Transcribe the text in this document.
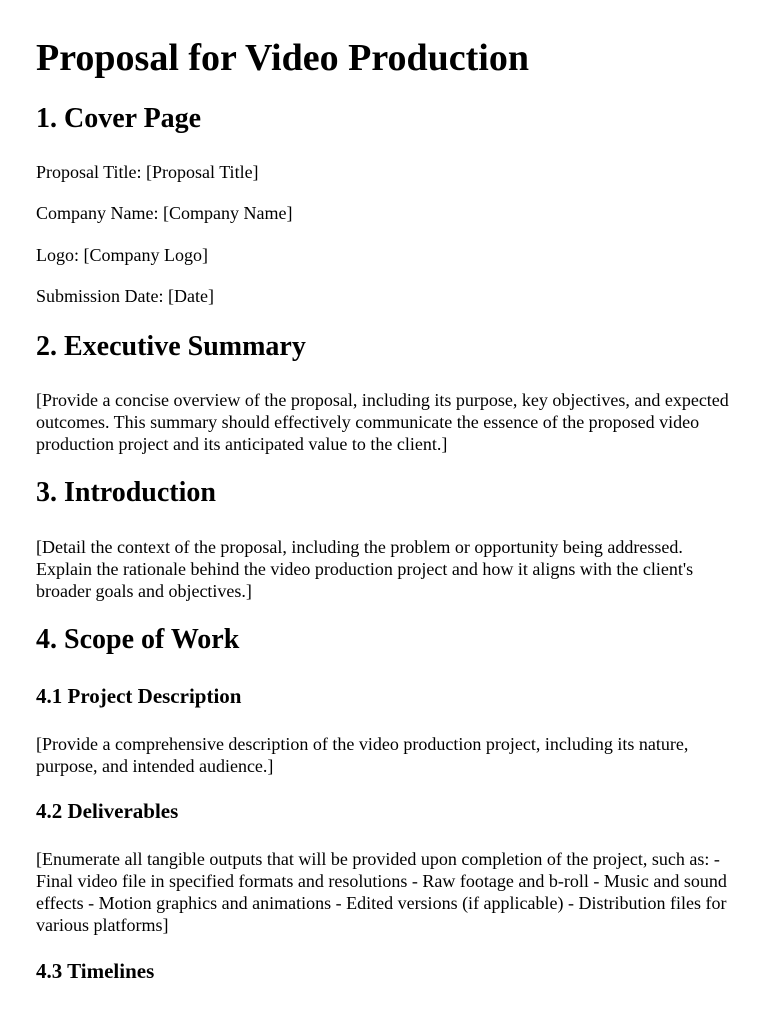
Proposal for Video Production
1. Cover Page

Proposal Title: [Proposal Title]

Company Name: [Company Name]

Logo: [Company Logo]

Submission Date: [Date]

2. Executive Summary

[Provide a concise overview of the proposal, including its purpose, key objectives, and expected outcomes. This summary should effectively communicate the essence of the proposed video production project and its anticipated value to the client.]

3. Introduction

[Detail the context of the proposal, including the problem or opportunity being addressed. Explain the rationale behind the video production project and how it aligns with the client's broader goals and objectives.]

4. Scope of Work
4.1 Project Description

[Provide a comprehensive description of the video production project, including its nature, purpose, and intended audience.]

4.2 Deliverables

[Enumerate all tangible outputs that will be provided upon completion of the project, such as: - Final video file in specified formats and resolutions - Raw footage and b-roll - Music and sound effects - Motion graphics and animations - Edited versions (if applicable) - Distribution files for various platforms]

4.3 Timelines
